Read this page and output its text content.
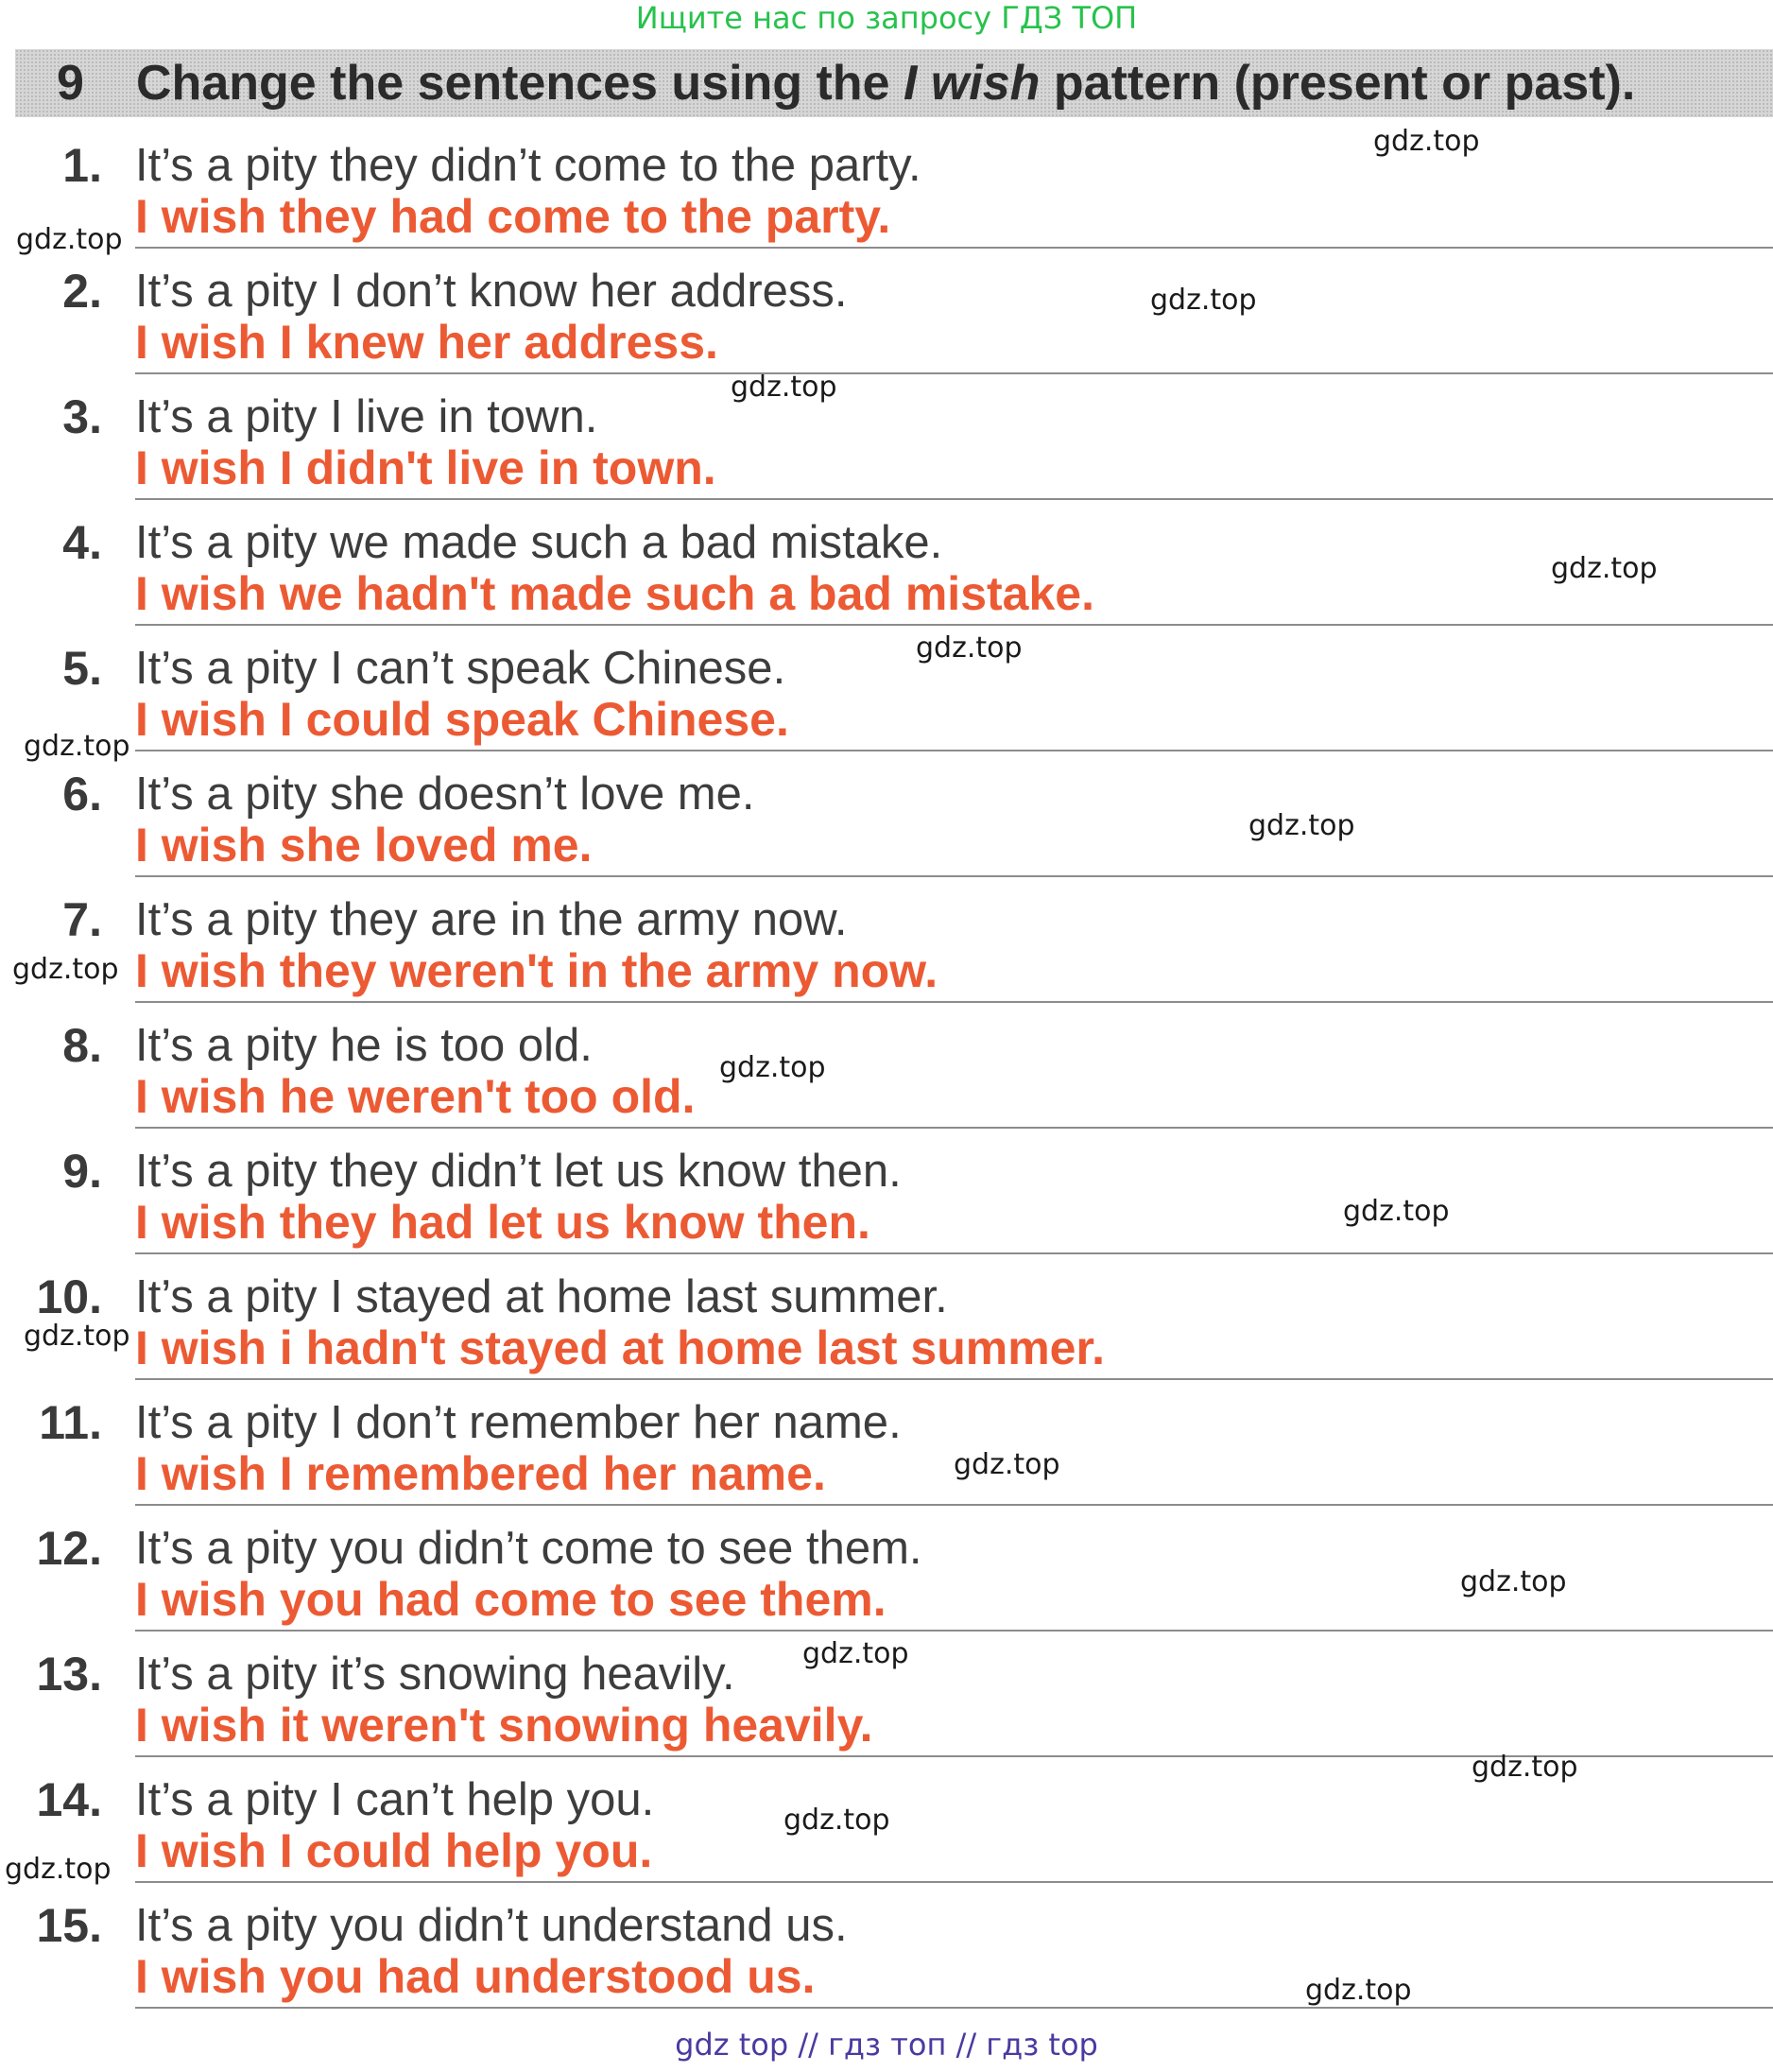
Ищите нас по запросу ГДЗ ТОП
9 Change the sentences using the I wish pattern (present or past).
1. It’s a pity they didn’t come to the party.
I wish they had come to the party.
2. It’s a pity I don’t know her address.
I wish I knew her address.
3. It’s a pity I live in town.
I wish I didn't live in town.
4. It’s a pity we made such a bad mistake.
I wish we hadn't made such a bad mistake.
5. It’s a pity I can’t speak Chinese.
I wish I could speak Chinese.
6. It’s a pity she doesn’t love me.
I wish she loved me.
7. It’s a pity they are in the army now.
I wish they weren't in the army now.
8. It’s a pity he is too old.
I wish he weren't too old.
9. It’s a pity they didn’t let us know then.
I wish they had let us know then.
10. It’s a pity I stayed at home last summer.
I wish i hadn't stayed at home last summer.
11. It’s a pity I don’t remember her name.
I wish I remembered her name.
12. It’s a pity you didn’t come to see them.
I wish you had come to see them.
13. It’s a pity it’s snowing heavily.
I wish it weren't snowing heavily.
14. It’s a pity I can’t help you.
I wish I could help you.
15. It’s a pity you didn’t understand us.
I wish you had understood us.
gdz.top
gdz.top
gdz.top
gdz.top
gdz.top
gdz.top
gdz.top
gdz.top
gdz.top
gdz.top
gdz.top
gdz.top
gdz.top
gdz.top
gdz.top
gdz.top
gdz.top
gdz.top
gdz.top
gdz top // гдз топ // гдз top
